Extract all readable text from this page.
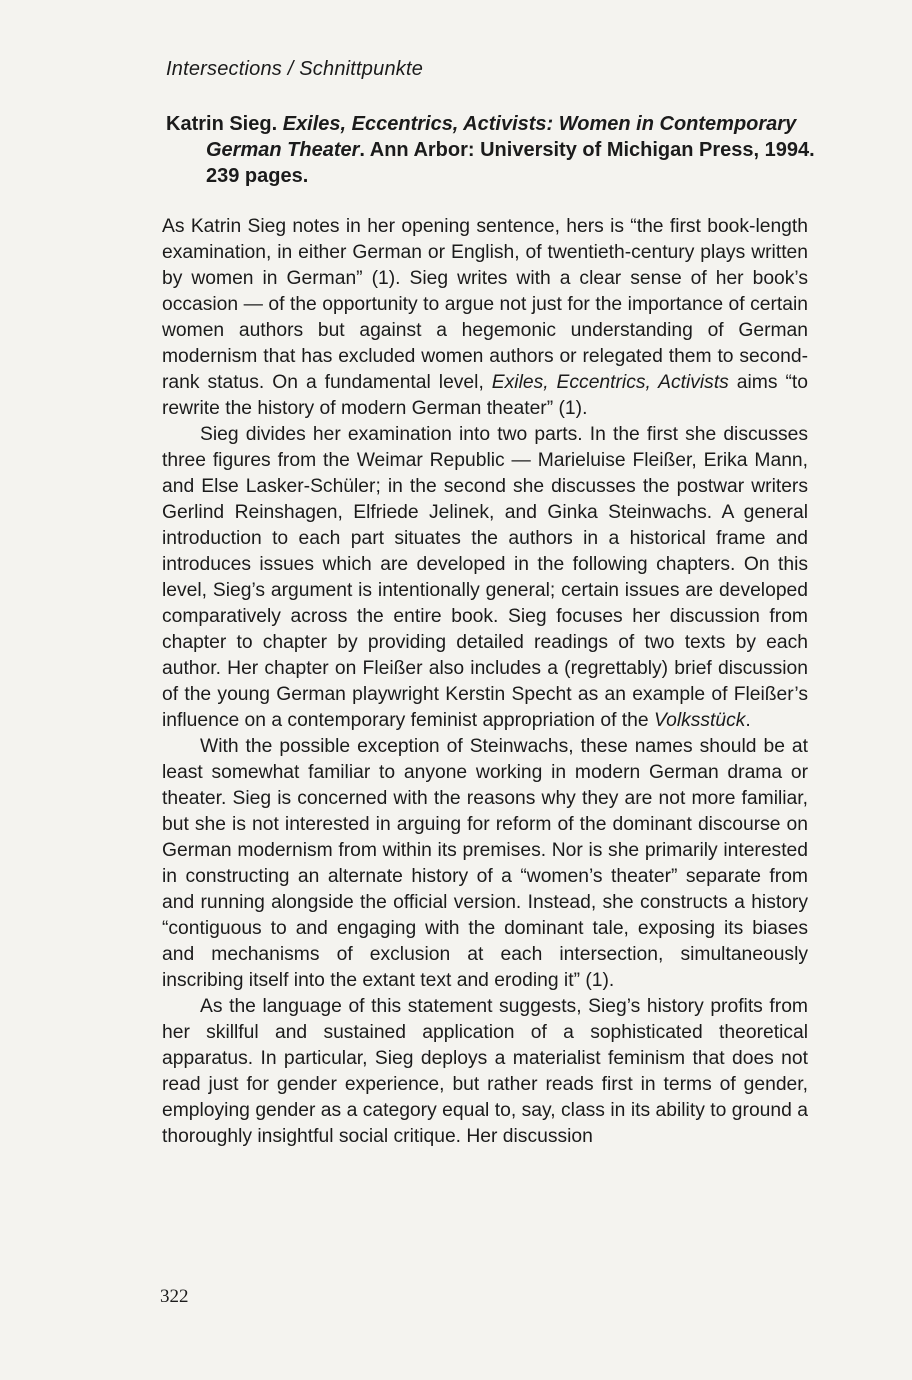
Intersections / Schnittpunkte
Katrin Sieg. Exiles, Eccentrics, Activists: Women in Contemporary
German Theater. Ann Arbor: University of Michigan Press, 1994.
239 pages.

As Katrin Sieg notes in her opening sentence, hers is “the first book-length examination, in either German or English, of twentieth-century plays written by women in German” (1). Sieg writes with a clear sense of her book’s occasion — of the opportunity to argue not just for the importance of certain women authors but against a hegemonic understanding of German modernism that has excluded women authors or relegated them to second-rank status. On a fundamental level, Exiles, Eccentrics, Activists aims “to rewrite the history of modern German theater” (1).

Sieg divides her examination into two parts. In the first she discusses three figures from the Weimar Republic — Marieluise Fleißer, Erika Mann, and Else Lasker-Schüler; in the second she discusses the postwar writers Gerlind Reinshagen, Elfriede Jelinek, and Ginka Steinwachs. A general introduction to each part situates the authors in a historical frame and introduces issues which are developed in the following chapters. On this level, Sieg’s argument is intentionally general; certain issues are developed comparatively across the entire book. Sieg focuses her discussion from chapter to chapter by providing detailed readings of two texts by each author. Her chapter on Fleißer also includes a (regrettably) brief discussion of the young German playwright Kerstin Specht as an example of Fleißer’s influence on a contemporary feminist appropriation of the Volksstück.

With the possible exception of Steinwachs, these names should be at least somewhat familiar to anyone working in modern German drama or theater. Sieg is concerned with the reasons why they are not more familiar, but she is not interested in arguing for reform of the dominant discourse on German modernism from within its premises. Nor is she primarily interested in constructing an alternate history of a “women’s theater” separate from and running alongside the official version. Instead, she constructs a history “contiguous to and engaging with the dominant tale, exposing its biases and mechanisms of exclusion at each intersection, simultaneously inscribing itself into the extant text and eroding it” (1).

As the language of this statement suggests, Sieg’s history profits from her skillful and sustained application of a sophisticated theoretical apparatus. In particular, Sieg deploys a materialist feminism that does not read just for gender experience, but rather reads first in terms of gender, employing gender as a category equal to, say, class in its ability to ground a thoroughly insightful social critique. Her discussion

322
